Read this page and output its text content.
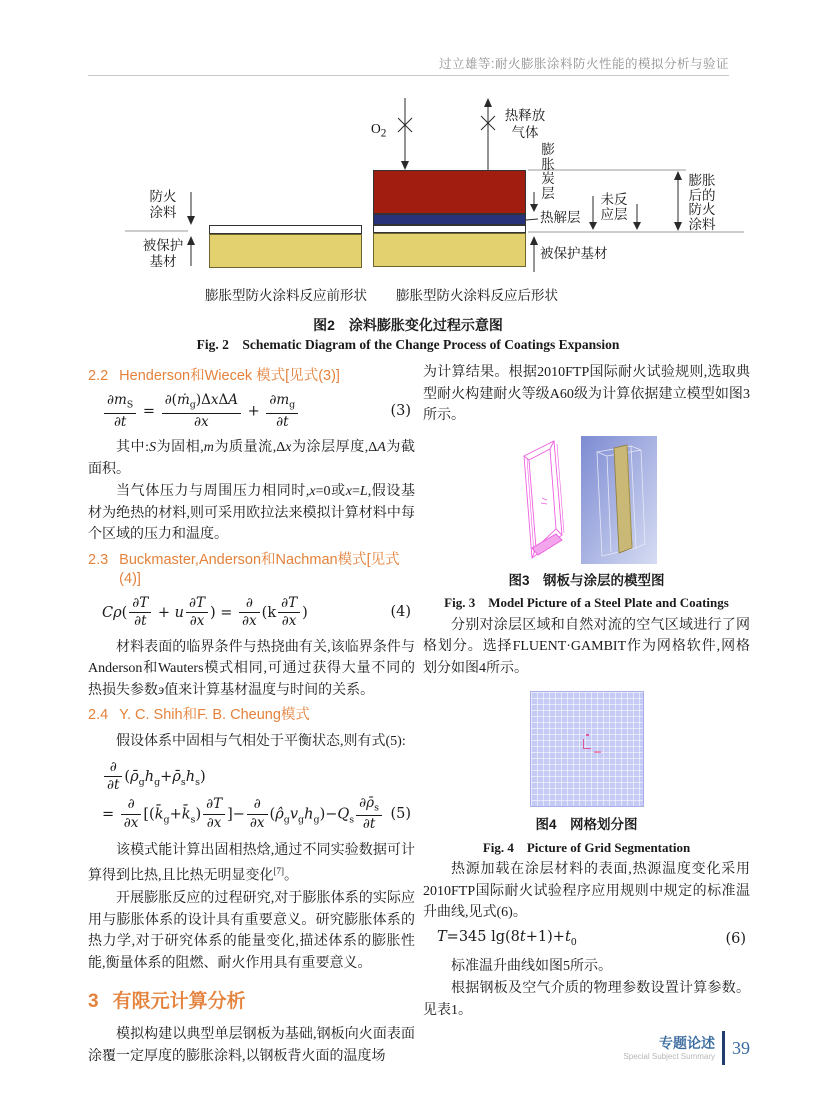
过立雄等:耐火膨胀涂料防火性能的模拟分析与验证
$O_2$
热释放
气体
防火
涂料
被保护
基材
膨
胀
炭
层
热解层
未反
应层
膨胀
后的
防火
涂料
被保护基材
膨胀型防火涂料反应前形状	膨胀型防火涂料反应后形状
图2　涂料膨胀变化过程示意图
Fig. 2　Schematic Diagram of the Change Process of Coatings Expansion
2.2 Henderson和Wiecek 模式[见式(3)]
$\frac{\partial m_S}{\partial t}$ =
∂(ṁ$_g$)ΔxΔA
∂x
+ $\frac{\partial m_g}{\partial t}$	(3)

其中:S为固相,m为质量流,Δx为涂层厚度,ΔA为截面积。

当气体压力与周围压力相同时,x=0或x=L,假设基材为绝热的材料,则可采用欧拉法来模拟计算材料中每个区域的压力和温度。

2.3 Buckmaster,Anderson和Nachman模式[见式(4)]
$C\rho( \frac{\partial T}{\partial t} + u \frac{\partial T}{\partial x}$ ) =
∂
∂x
($k \frac{\partial T}{\partial x}$ )	(4)

材料表面的临界条件与热挠曲有关,该临界条件与Anderson和Wauters模式相同,可通过获得大量不同的热损失参数э值来计算基材温度与时间的关系。

2.4 Y. C. Shih和F. B. Cheung模式

假设体系中固相与气相处于平衡状态,则有式(5):

∂
∂t
$(\rhō_gh_g+\rhō_sh_s)$
=
∂
∂x
[$(k̄_g+k̄_s) \frac{\partial T}{\partial x}$ ]−
∂
∂x
$(\rhô_gv_gh_g)-Q_s \frac{\partial\rhō_s}{\partial t} (5)$

该模式能计算出固相热焓,通过不同实验数据可计算得到比热,且比热无明显变化[7]。

开展膨胀反应的过程研究,对于膨胀体系的实际应用与膨胀体系的设计具有重要意义。研究膨胀体系的热力学,对于研究体系的能量变化,描述体系的膨胀性能,衡量体系的阻燃、耐火作用具有重要意义。

3 有限元计算分析

模拟构建以典型单层钢板为基础,钢板向火面表面涂覆一定厚度的膨胀涂料,以钢板背火面的温度场

为计算结果。根据2010FTP国际耐火试验规则,选取典型耐火构建耐火等级A60级为计算依据建立模型如图3所示。

图3　钢板与涂层的模型图

Fig. 3　Model Picture of a Steel Plate and Coatings

分别对涂层区域和自然对流的空气区域进行了网格划分。选择FLUENT·GAMBIT作为网格软件,网格划分如图4所示。

图4　网格划分图

Fig. 4　Picture of Grid Segmentation

热源加载在涂层材料的表面,热源温度变化采用2010FTP国际耐火试验程序应用规则中规定的标准温升曲线,见式(6)。

T=345 $\lg(8t+1)+t_0$	(6)

标准温升曲线如图5所示。

根据钢板及空气介质的物理参数设置计算参数。见表1。

专题论述
Special Subject Summary 39
